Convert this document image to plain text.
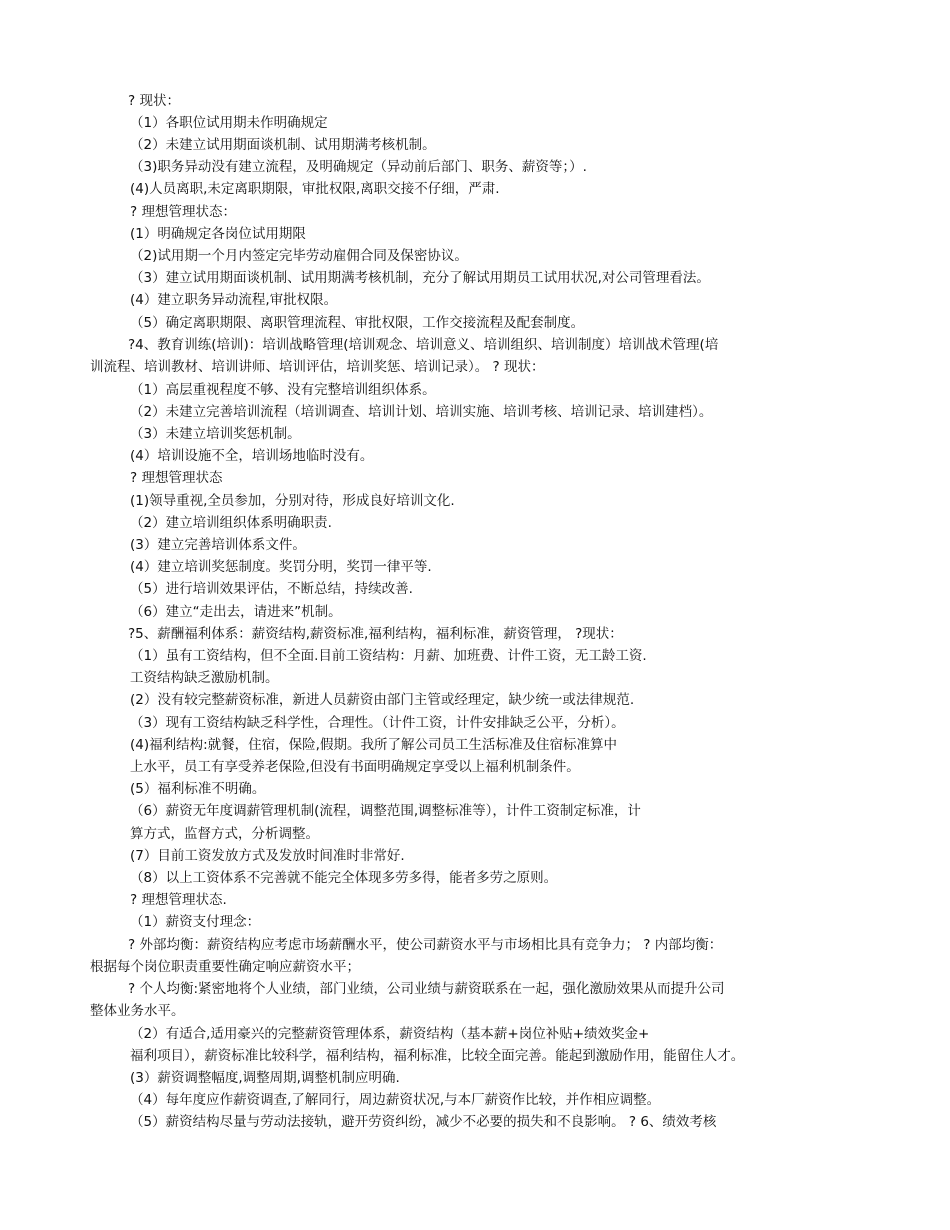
? 现状：
（1）各职位试用期未作明确规定
（2）未建立试用期面谈机制、试用期满考核机制。
（3)职务异动没有建立流程，及明确规定（异动前后部门、职务、薪资等；）.
(4)人员离职,未定离职期限，审批权限,离职交接不仔细，严肃.
? 理想管理状态：
(1）明确规定各岗位试用期限
（2)试用期一个月内签定完毕劳动雇佣合同及保密协议。
（3）建立试用期面谈机制、试用期满考核机制，充分了解试用期员工试用状况,对公司管理看法。
(4）建立职务异动流程,审批权限。
（5）确定离职期限、离职管理流程、审批权限，工作交接流程及配套制度。
?4、教育训练(培训)：培训战略管理(培训观念、培训意义、培训组织、培训制度）培训战术管理(培
训流程、培训教材、培训讲师、培训评估，培训奖惩、培训记录）。 ? 现状：
（1）高层重视程度不够、没有完整培训组织体系。
（2）未建立完善培训流程（培训调查、培训计划、培训实施、培训考核、培训记录、培训建档）。
（3）未建立培训奖惩机制。
(4）培训设施不全，培训场地临时没有。
? 理想管理状态
(1)领导重视,全员参加，分别对待，形成良好培训文化.
（2）建立培训组织体系明确职责.
(3）建立完善培训体系文件。
(4）建立培训奖惩制度。奖罚分明，奖罚一律平等.
（5）进行培训效果评估，不断总结，持续改善.
（6）建立“走出去，请进来”机制。
?5、薪酬福利体系：薪资结构,薪资标准,福利结构，福利标准，薪资管理， ?现状：
（1）虽有工资结构，但不全面.目前工资结构：月薪、加班费、计件工资，无工龄工资.
工资结构缺乏激励机制。
(2）没有较完整薪资标准，新进人员薪资由部门主管或经理定，缺少统一或法律规范.
（3）现有工资结构缺乏科学性，合理性。（计件工资，计件安排缺乏公平，分析）。
(4)福利结构:就餐，住宿，保险,假期。我所了解公司员工生活标准及住宿标准算中
上水平，员工有享受养老保险,但没有书面明确规定享受以上福利机制条件。
(5）福利标准不明确。
（6）薪资无年度调薪管理机制(流程，调整范围,调整标准等），计件工资制定标准，计
算方式，监督方式，分析调整。
(7）目前工资发放方式及发放时间准时非常好.
（8）以上工资体系不完善就不能完全体现多劳多得，能者多劳之原则。
? 理想管理状态.
（1）薪资支付理念：
? 外部均衡：薪资结构应考虑市场薪酬水平，使公司薪资水平与市场相比具有竞争力； ? 内部均衡：
根据每个岗位职责重要性确定响应薪资水平；
? 个人均衡:紧密地将个人业绩，部门业绩，公司业绩与薪资联系在一起，强化激励效果从而提升公司
整体业务水平。
（2）有适合,适用豪兴的完整薪资管理体系，薪资结构（基本薪+岗位补贴+绩效奖金+
福利项目），薪资标准比较科学，福利结构，福利标准，比较全面完善。能起到激励作用，能留住人才。
(3）薪资调整幅度,调整周期,调整机制应明确.
（4）每年度应作薪资调查,了解同行，周边薪资状况,与本厂薪资作比较，并作相应调整。
（5）薪资结构尽量与劳动法接轨，避开劳资纠纷，减少不必要的损失和不良影响。 ? 6、绩效考核
